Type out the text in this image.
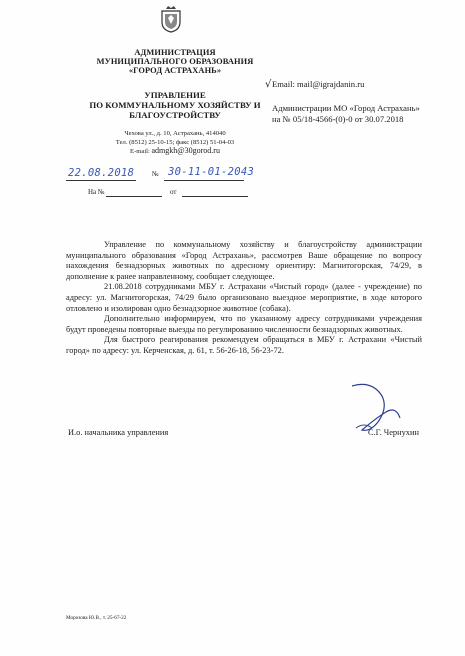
АДМИНИСТРАЦИЯ
МУНИЦИПАЛЬНОГО ОБРАЗОВАНИЯ
«ГОРОД АСТРАХАНЬ»
УПРАВЛЕНИЕ
ПО КОММУНАЛЬНОМУ ХОЗЯЙСТВУ И
БЛАГОУСТРОЙСТВУ
Чехова ул., д. 10, Астрахань, 414040
Тел. (8512) 25-10-15; факс (8512) 51-04-03
E-mail: admgkh@30gorod.ru
22.08.2018	№ 30-11-01-2043
На №	от
√ Email: mail@igrajdanin.ru
Администрации МО «Город Астрахань»
на № 05/18-4566-(0)-0 от 30.07.2018

Управление по коммунальному хозяйству и благоустройству администрации муниципального образования «Город Астрахань», рассмотрев Ваше обращение по вопросу нахождения безнадзорных животных по адресному ориентиру: Магнитогорская, 74/29, в дополнение к ранее направленному, сообщает следующее.

21.08.2018 сотрудниками МБУ г. Астрахани «Чистый город» (далее - учреждение) по адресу: ул. Магнитогорская, 74/29 было организовано выездное мероприятие, в ходе которого отловлено и изолирован одно безнадзорное животное (собака).

Дополнительно информируем, что по указанному адресу сотрудниками учреждения будут проведены повторные выезды по регулированию численности безнадзорных животных.

Для быстрого реагирования рекомендуем обращаться в МБУ г. Астрахани «Чистый город» по адресу: ул. Керченская, д. 61, т. 56-26-18, 56-23-72.

И.о. начальника управления	С.Г. Чернухин
Морозова Ю.В., т. 25-67-22
